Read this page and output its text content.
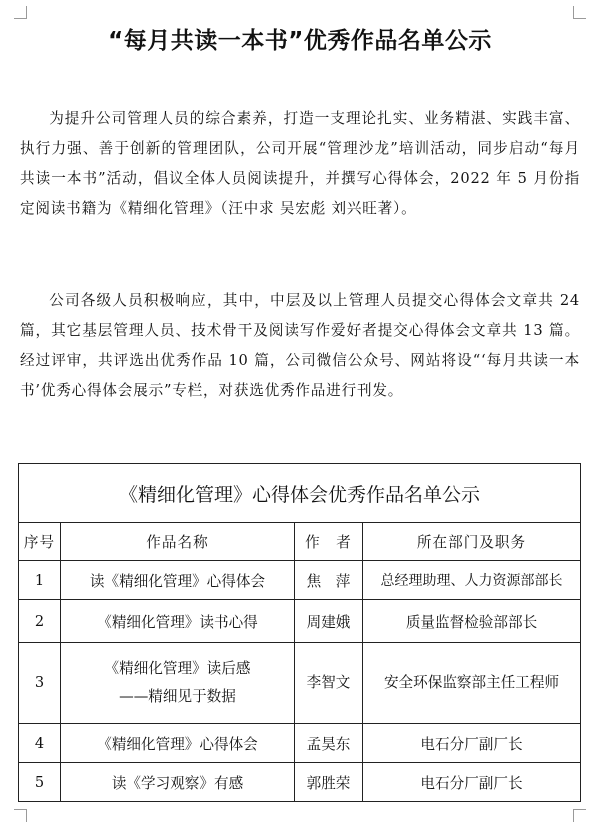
“每月共读一本书”优秀作品名单公示

为提升公司管理人员的综合素养，打造一支理论扎实、业务精湛、实践丰富、执行力强、善于创新的管理团队，公司开展“管理沙龙”培训活动，同步启动“每月共读一本书”活动，倡议全体人员阅读提升，并撰写心得体会，2022 年 5 月份指定阅读书籍为《精细化管理》（汪中求 吴宏彪 刘兴旺著）。

公司各级人员积极响应，其中，中层及以上管理人员提交心得体会文章共 24 篇，其它基层管理人员、技术骨干及阅读写作爱好者提交心得体会文章共 13 篇。经过评审，共评选出优秀作品 10 篇，公司微信公众号、网站将设“‘每月共读一本书’优秀心得体会展示”专栏，对获选优秀作品进行刊发。

《精细化管理》心得体会优秀作品名单公示			
序号	作品名称	作　者	所在部门及职务
1	读《精细化管理》心得体会	焦　萍	总经理助理、人力资源部部长
2	《精细化管理》读书心得	周建娥	质量监督检验部部长
3	《精细化管理》读后感
——精细见于数据	李智文	安全环保监察部主任工程师
4	《精细化管理》心得体会	孟昊东	电石分厂副厂长
5	读《学习观察》有感	郭胜荣	电石分厂副厂长
